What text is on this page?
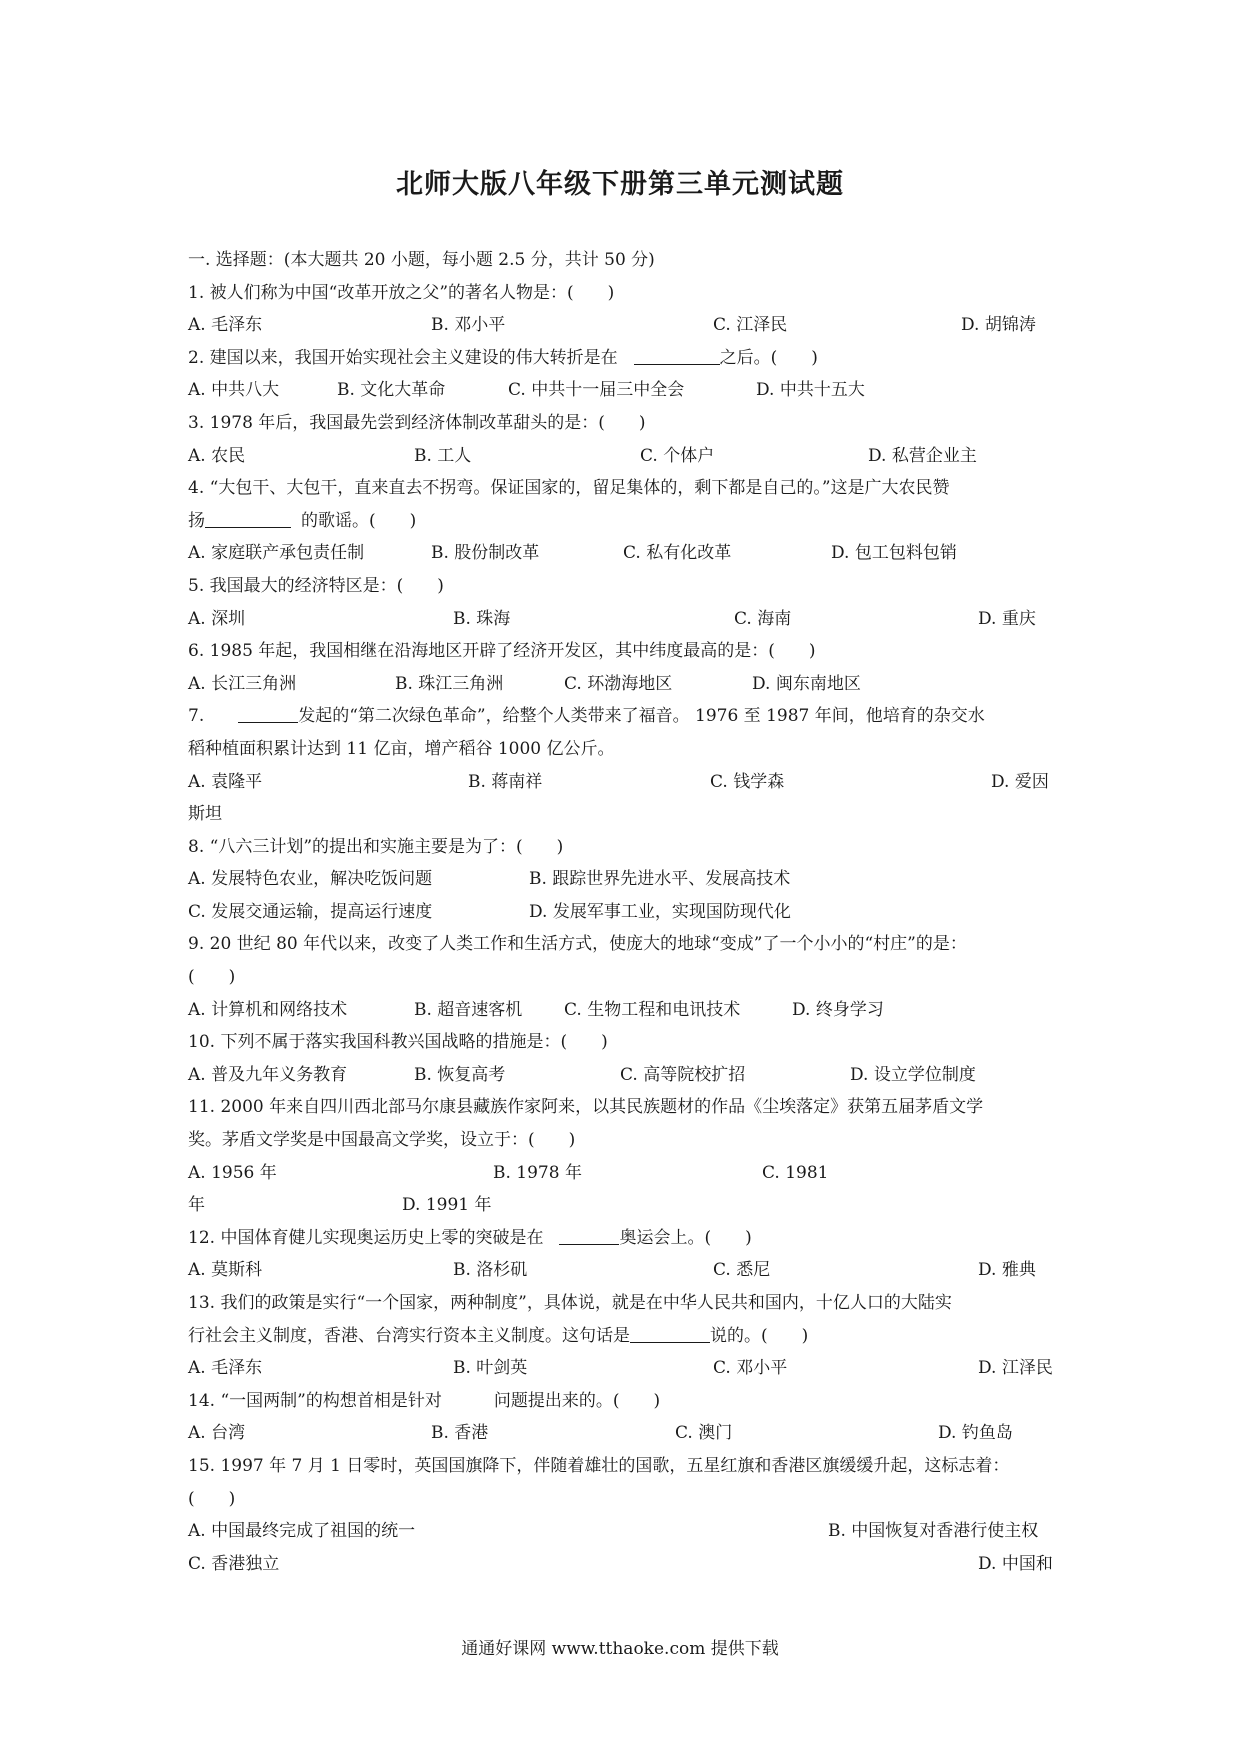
北师大版八年级下册第三单元测试题
一. 选择题：(本大题共 20 小题，每小题 2.5 分，共计 50 分)
1. 被人们称为中国“改革开放之父”的著名人物是：(　　)
A. 毛泽东	B. 邓小平	C. 江泽民	D. 胡锦涛
2. 建国以来，我国开始实现社会主义建设的伟大转折是在	之后。(　　)
A. 中共八大	B. 文化大革命	C. 中共十一届三中全会	D. 中共十五大
3. 1978 年后，我国最先尝到经济体制改革甜头的是：(　　)
A. 农民	B. 工人	C. 个体户	D. 私营企业主
4. “大包干、大包干，直来直去不拐弯。保证国家的，留足集体的，剩下都是自己的。”这是广大农民赞
扬	的歌谣。(　　)
A. 家庭联产承包责任制	B. 股份制改革	C. 私有化改革	D. 包工包料包销
5. 我国最大的经济特区是：(　　)
A. 深圳	B. 珠海	C. 海南	D. 重庆
6. 1985 年起，我国相继在沿海地区开辟了经济开发区，其中纬度最高的是：(　　)
A. 长江三角洲	B. 珠江三角洲	C. 环渤海地区	D. 闽东南地区
7.	发起的“第二次绿色革命”，给整个人类带来了福音。 1976 至 1987 年间，他培育的杂交水
稻种植面积累计达到 11 亿亩，增产稻谷 1000 亿公斤。
A. 袁隆平	B. 蒋南祥	C. 钱学森	D. 爱因
斯坦
8. “八六三计划”的提出和实施主要是为了：(　　)
A. 发展特色农业，解决吃饭问题	B. 跟踪世界先进水平、发展高技术
C. 发展交通运输，提高运行速度	D. 发展军事工业，实现国防现代化
9. 20 世纪 80 年代以来，改变了人类工作和生活方式，使庞大的地球“变成”了一个小小的“村庄”的是：
(　　)
A. 计算机和网络技术	B. 超音速客机 C. 生物工程和电讯技术	D. 终身学习
10. 下列不属于落实我国科教兴国战略的措施是：(　　)
A. 普及九年义务教育	B. 恢复高考	C. 高等院校扩招	D. 设立学位制度
11. 2000 年来自四川西北部马尔康县藏族作家阿来，以其民族题材的作品《尘埃落定》获第五届茅盾文学
奖。茅盾文学奖是中国最高文学奖，设立于：(　　)
A. 1956 年	B. 1978 年	C. 1981
年	D. 1991 年
12. 中国体育健儿实现奥运历史上零的突破是在	奥运会上。(　　)
A. 莫斯科	B. 洛杉矶	C. 悉尼	D. 雅典
13. 我们的政策是实行“一个国家，两种制度”，具体说，就是在中华人民共和国内，十亿人口的大陆实
行社会主义制度，香港、台湾实行资本主义制度。这句话是	说的。(　　)
A. 毛泽东	B. 叶剑英	C. 邓小平	D. 江泽民
14. “一国两制”的构想首相是针对	问题提出来的。(　　)
A. 台湾	B. 香港	C. 澳门	D. 钓鱼岛
15. 1997 年 7 月 1 日零时，英国国旗降下，伴随着雄壮的国歌，五星红旗和香港区旗缓缓升起，这标志着：
(　　)
A. 中国最终完成了祖国的统一	B. 中国恢复对香港行使主权
C. 香港独立	D. 中国和
通通好课网 www.tthaoke.com 提供下载
